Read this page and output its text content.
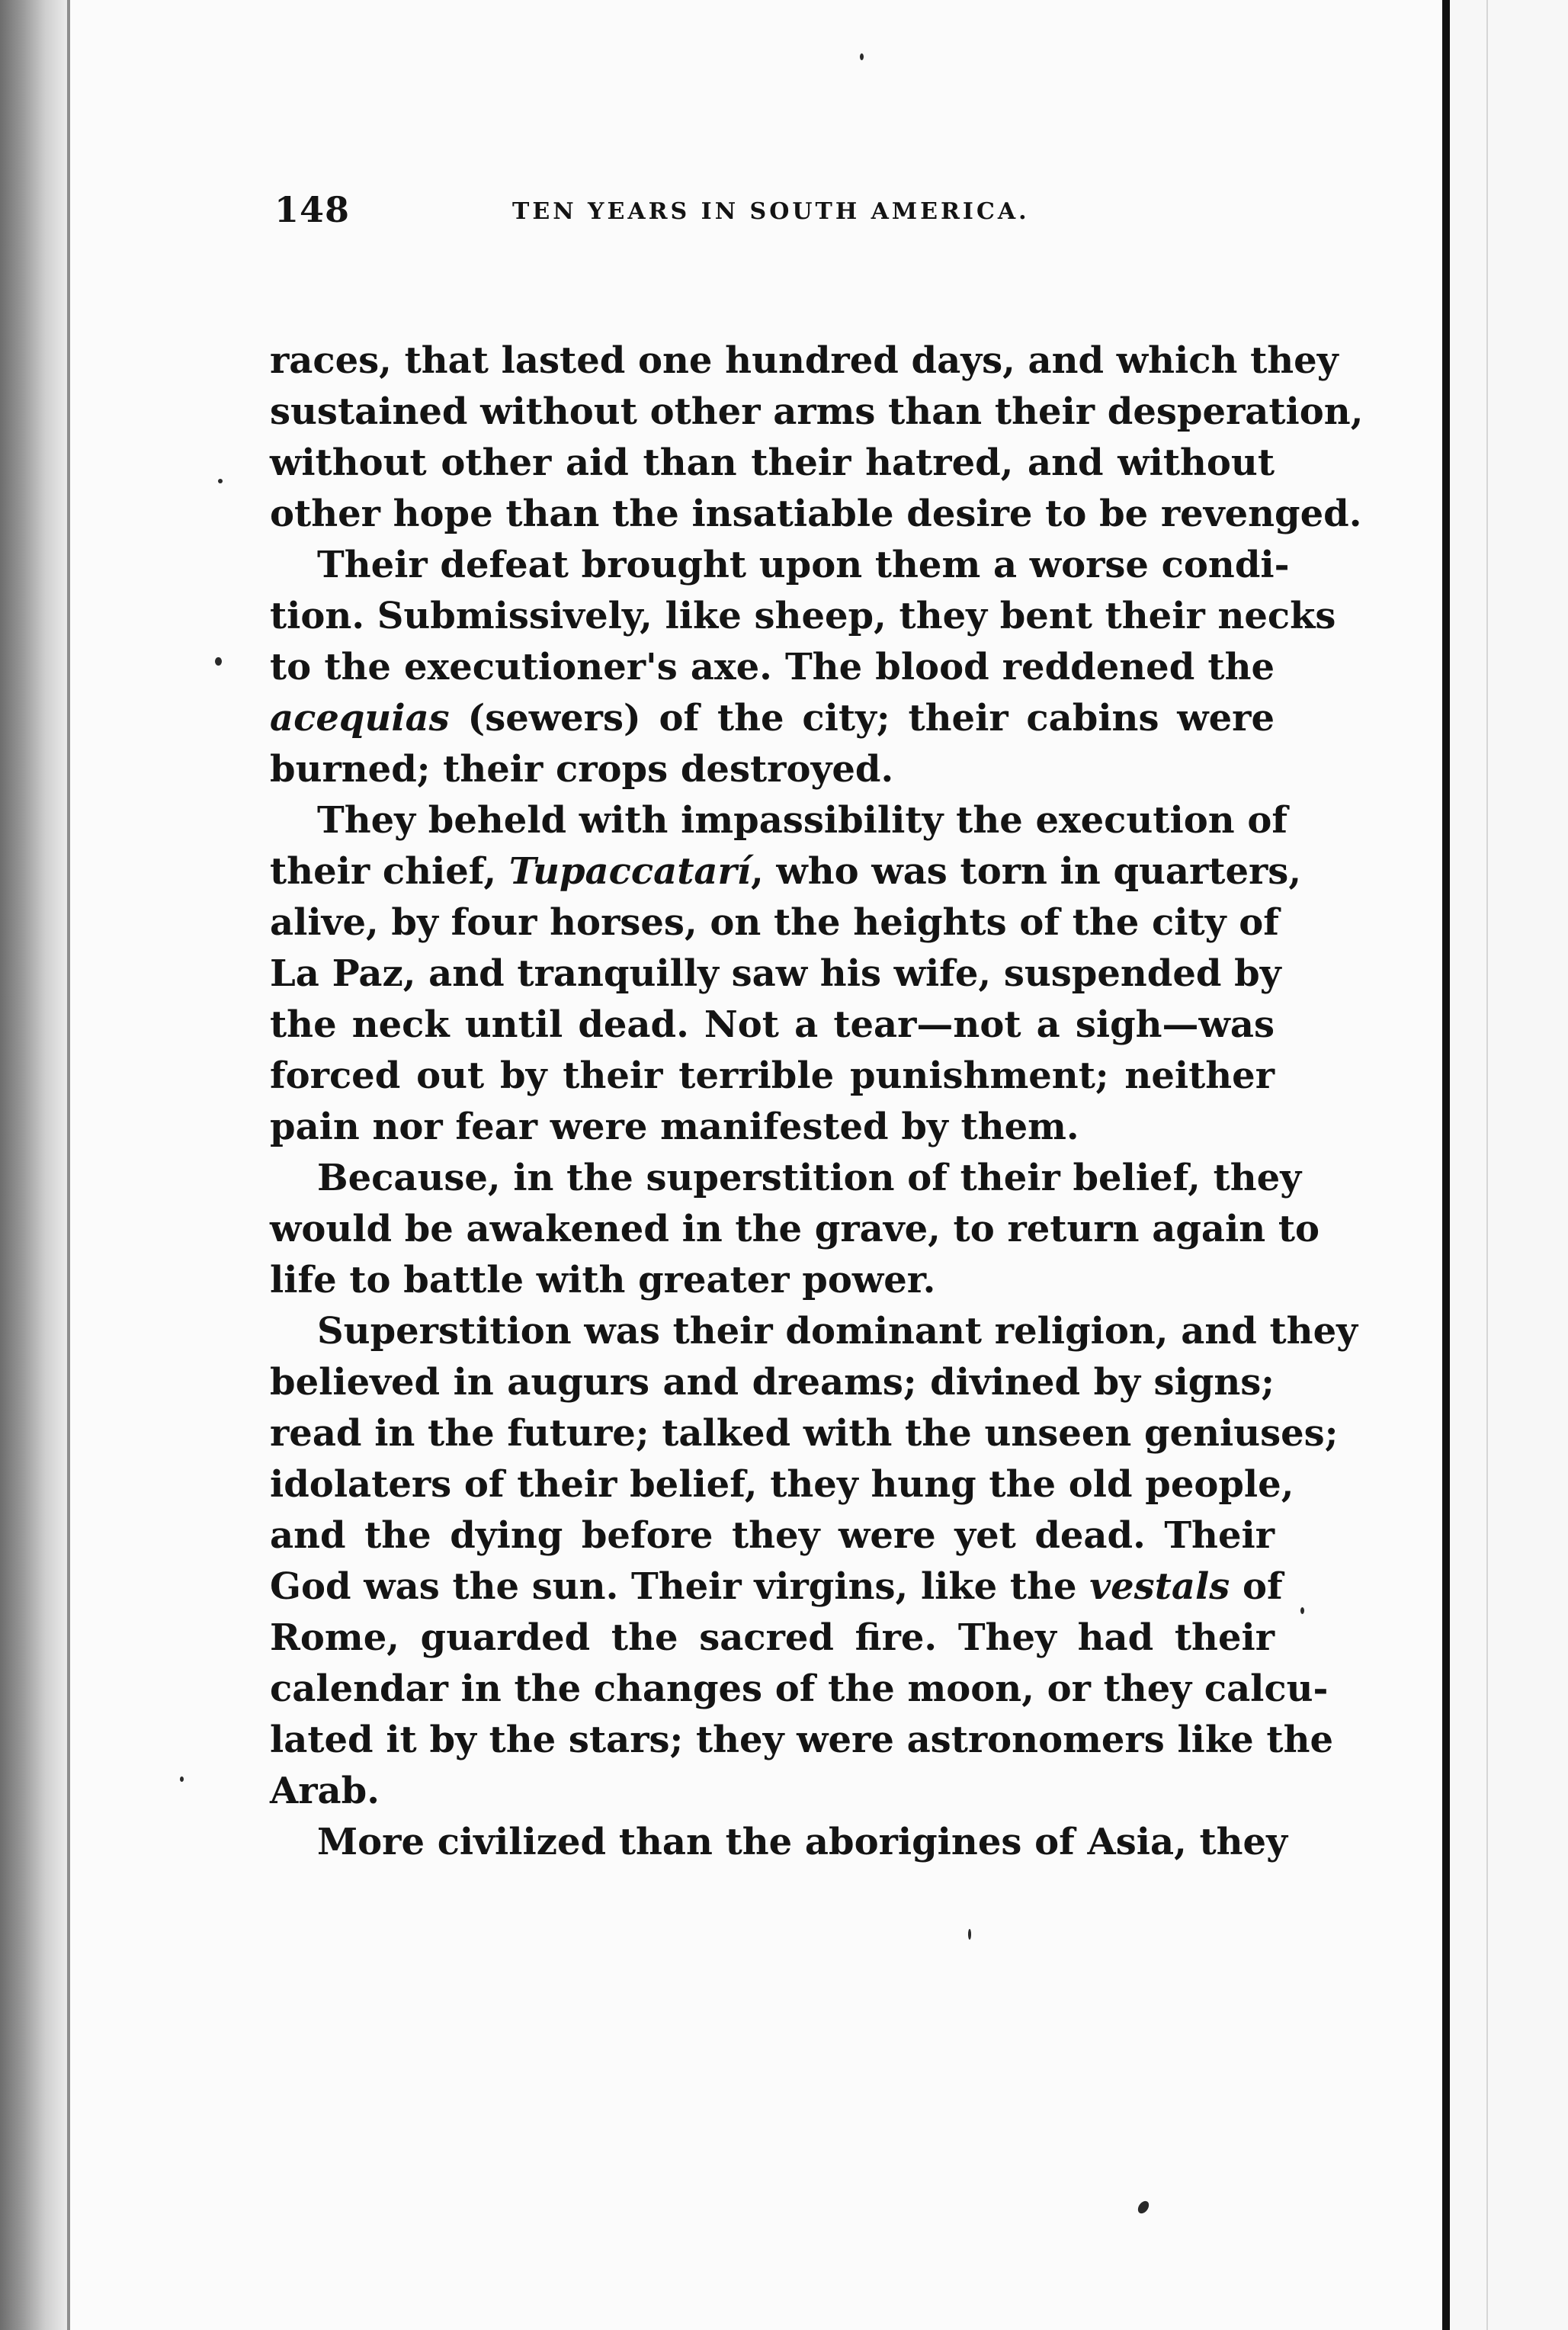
148	TEN YEARS IN SOUTH AMERICA.
races, that lasted one hundred days, and which they
sustained without other arms than their desperation,
without other aid than their hatred, and without
other hope than the insatiable desire to be revenged.
Their defeat brought upon them a worse condi-
tion. Submissively, like sheep, they bent their necks
to the executioner's axe. The blood reddened the
acequias (sewers) of the city; their cabins were
burned; their crops destroyed.
They beheld with impassibility the execution of
their chief, Tupaccatarí, who was torn in quarters,
alive, by four horses, on the heights of the city of
La Paz, and tranquilly saw his wife, suspended by
the neck until dead. Not a tear—not a sigh—was
forced out by their terrible punishment; neither
pain nor fear were manifested by them.
Because, in the superstition of their belief, they
would be awakened in the grave, to return again to
life to battle with greater power.
Superstition was their dominant religion, and they
believed in augurs and dreams; divined by signs;
read in the future; talked with the unseen geniuses;
idolaters of their belief, they hung the old people,
and the dying before they were yet dead. Their
God was the sun. Their virgins, like the vestals of
Rome, guarded the sacred fire. They had their
calendar in the changes of the moon, or they calcu-
lated it by the stars; they were astronomers like the
Arab.
More civilized than the aborigines of Asia, they
